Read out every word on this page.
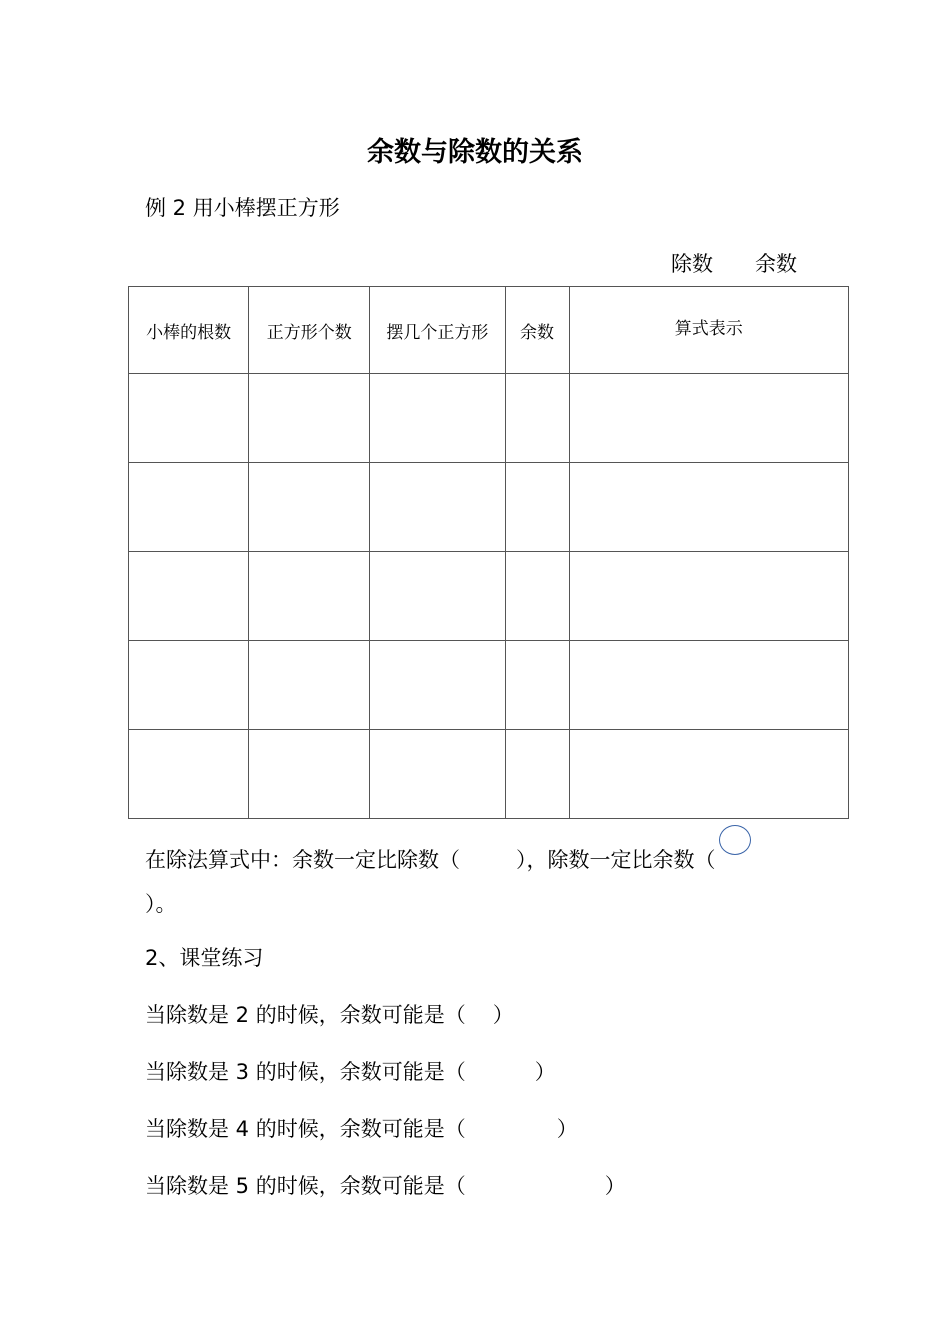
余数与除数的关系
例 2 用小棒摆正方形
除数 余数
小棒的根数	正方形个数	摆几个正方形	余数	算式表示

在除法算式中：余数一定比除数（	），除数一定比余数（
）。
2、课堂练习
当除数是 2 的时候，余数可能是（ ）
当除数是 3 的时候，余数可能是（	）
当除数是 4 的时候，余数可能是（	）
当除数是 5 的时候，余数可能是（	）
